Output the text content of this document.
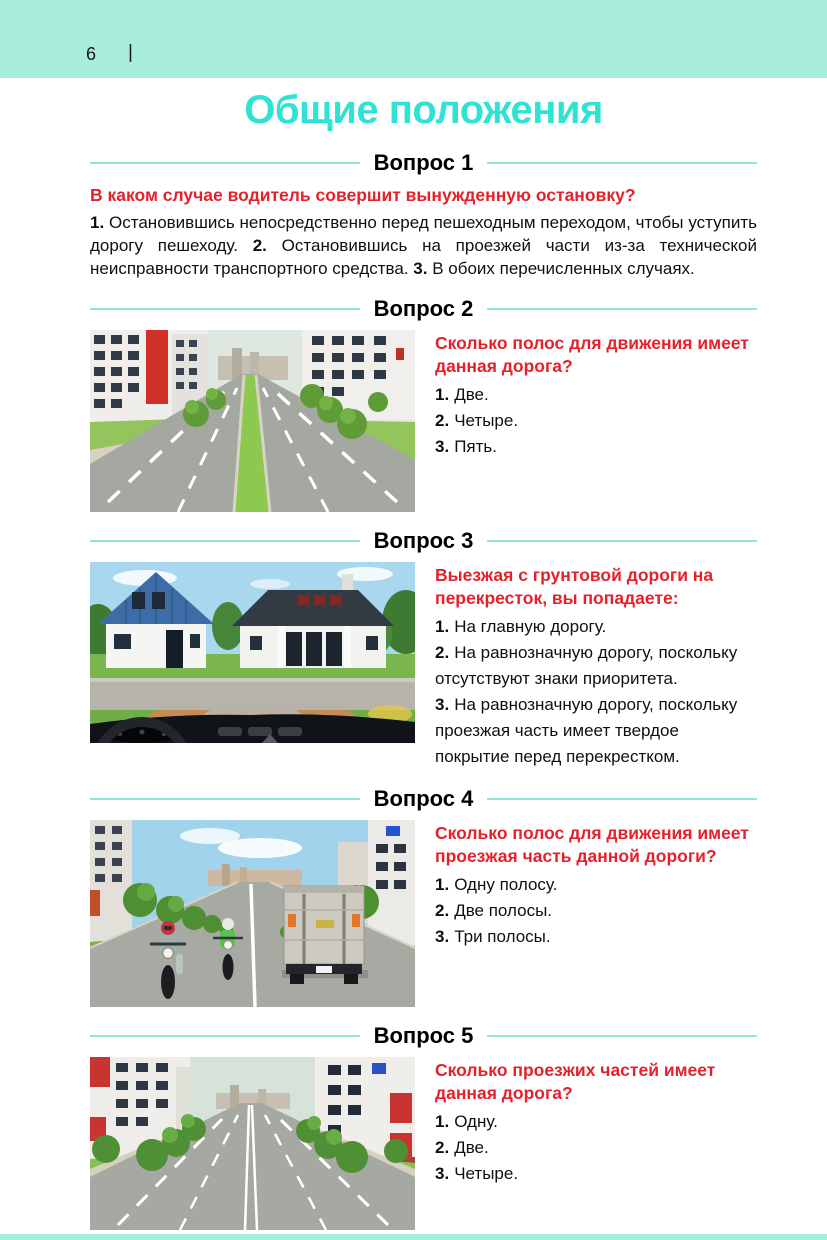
6 |
Общие положения
Вопрос 1

В каком случае водитель совершит вынужденную остановку?

1. Остановившись непосредственно перед пешеходным переходом, чтобы уступить дорогу пешеходу. 2. Остановившись на проезжей части из-за технической неисправности транспортного средства. 3. В обоих перечисленных случаях.

Вопрос 2

Сколько полос для движения имеет данная дорога?

1. Две.
2. Четыре.
3. Пять.
Вопрос 3

Выезжая с грунтовой дороги на перекресток, вы попадаете:

1. На главную дорогу.
2. На равнозначную дорогу, поскольку отсутствуют знаки приоритета.
3. На равнозначную дорогу, поскольку проезжая часть имеет твердое покрытие перед перекрестком.
Вопрос 4

Сколько полос для движения имеет проезжая часть данной дороги?

1. Одну полосу.
2. Две полосы.
3. Три полосы.
Вопрос 5

Сколько проезжих частей имеет данная дорога?

1. Одну.
2. Две.
3. Четыре.
